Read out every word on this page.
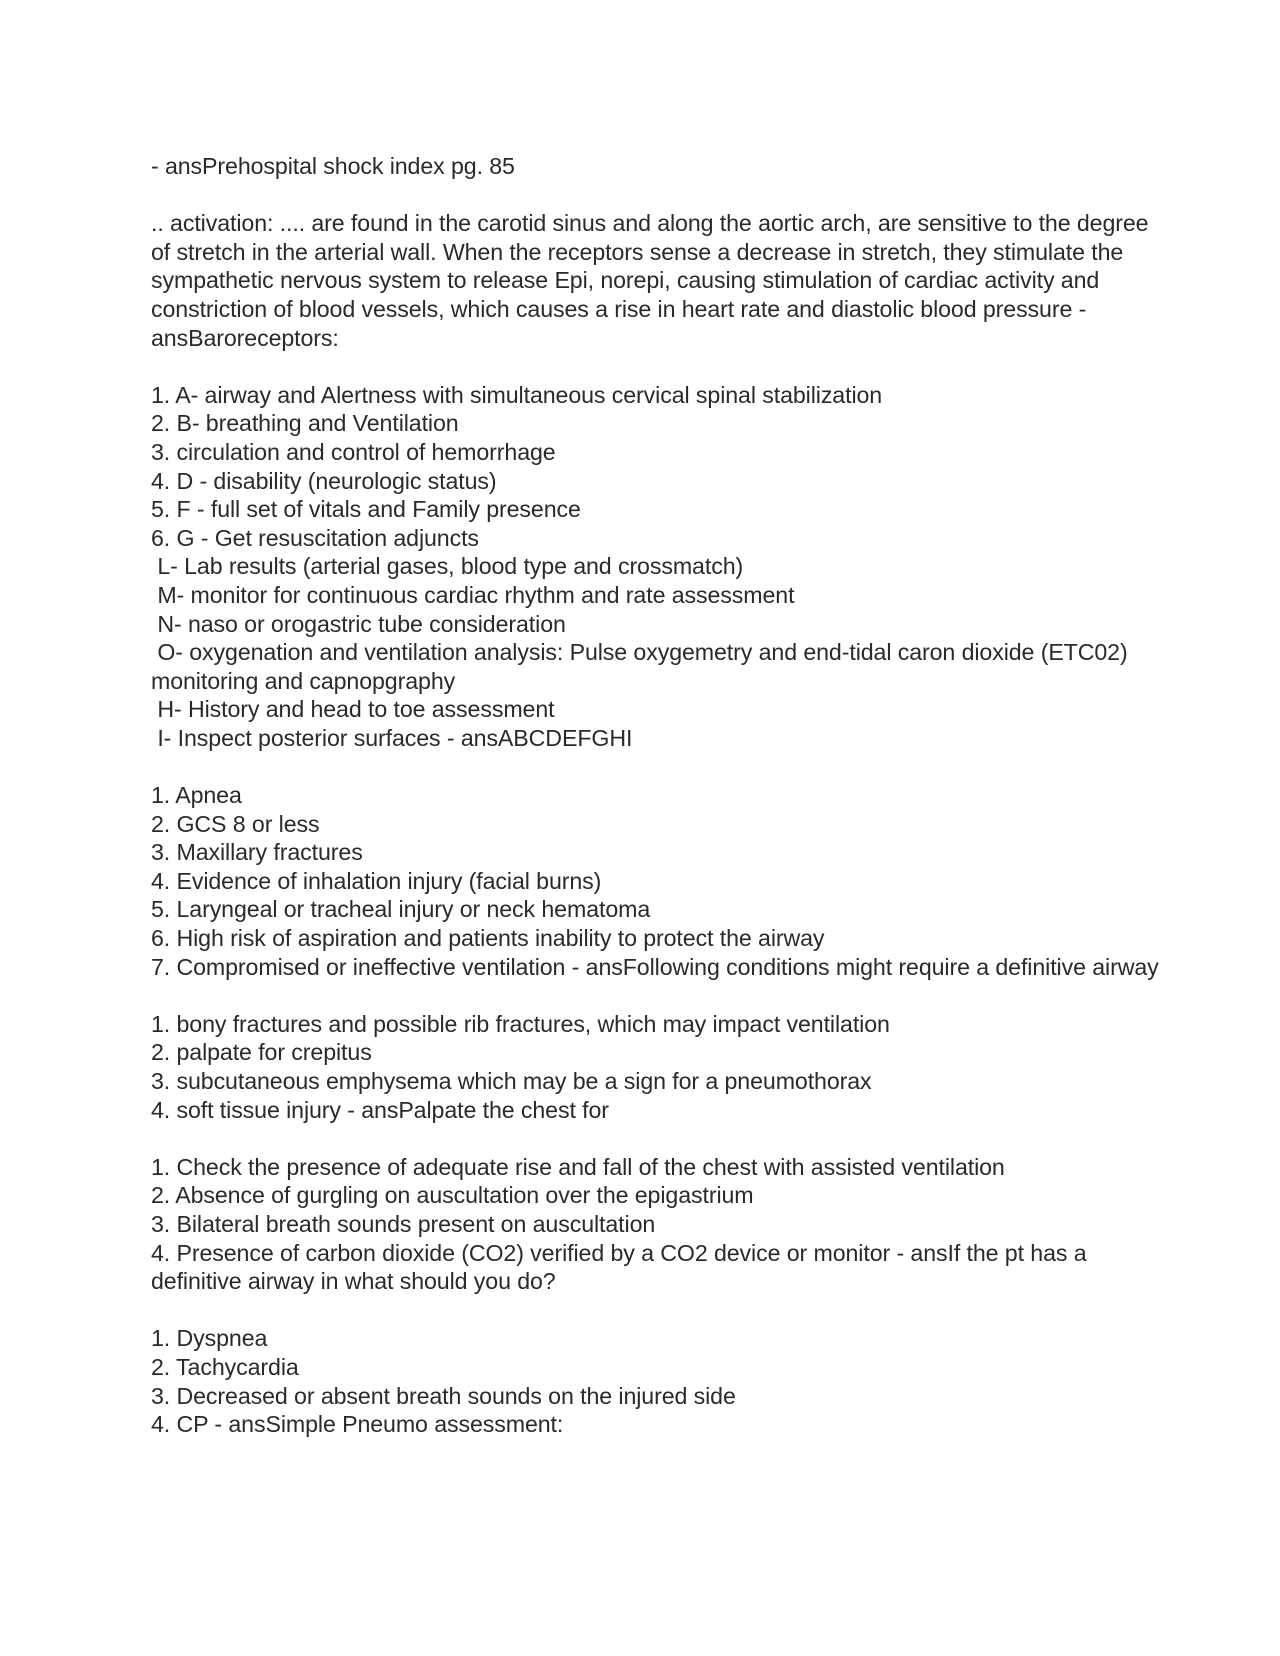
- ansPrehospital shock index pg. 85
.. activation: .... are found in the carotid sinus and along the aortic arch, are sensitive to the degree of stretch in the arterial wall. When the receptors sense a decrease in stretch, they stimulate the sympathetic nervous system to release Epi, norepi, causing stimulation of cardiac activity and constriction of blood vessels, which causes a rise in heart rate and diastolic blood pressure - ansBaroreceptors:
1. A- airway and Alertness with simultaneous cervical spinal stabilization
2. B- breathing and Ventilation
3. circulation and control of hemorrhage
4. D - disability (neurologic status)
5. F - full set of vitals and Family presence
6. G - Get resuscitation adjuncts
L- Lab results (arterial gases, blood type and crossmatch)
M- monitor for continuous cardiac rhythm and rate assessment
N- naso or orogastric tube consideration
O- oxygenation and ventilation analysis: Pulse oxygemetry and end-tidal caron dioxide (ETC02) monitoring and capnopgraphy
H- History and head to toe assessment
I- Inspect posterior surfaces - ansABCDEFGHI
1. Apnea
2. GCS 8 or less
3. Maxillary fractures
4. Evidence of inhalation injury (facial burns)
5. Laryngeal or tracheal injury or neck hematoma
6. High risk of aspiration and patients inability to protect the airway
7. Compromised or ineffective ventilation - ansFollowing conditions might require a definitive airway
1. bony fractures and possible rib fractures, which may impact ventilation
2. palpate for crepitus
3. subcutaneous emphysema which may be a sign for a pneumothorax
4. soft tissue injury - ansPalpate the chest for
1. Check the presence of adequate rise and fall of the chest with assisted ventilation
2. Absence of gurgling on auscultation over the epigastrium
3. Bilateral breath sounds present on auscultation
4. Presence of carbon dioxide (CO2) verified by a CO2 device or monitor - ansIf the pt has a definitive airway in what should you do?
1. Dyspnea
2. Tachycardia
3. Decreased or absent breath sounds on the injured side
4. CP - ansSimple Pneumo assessment:
